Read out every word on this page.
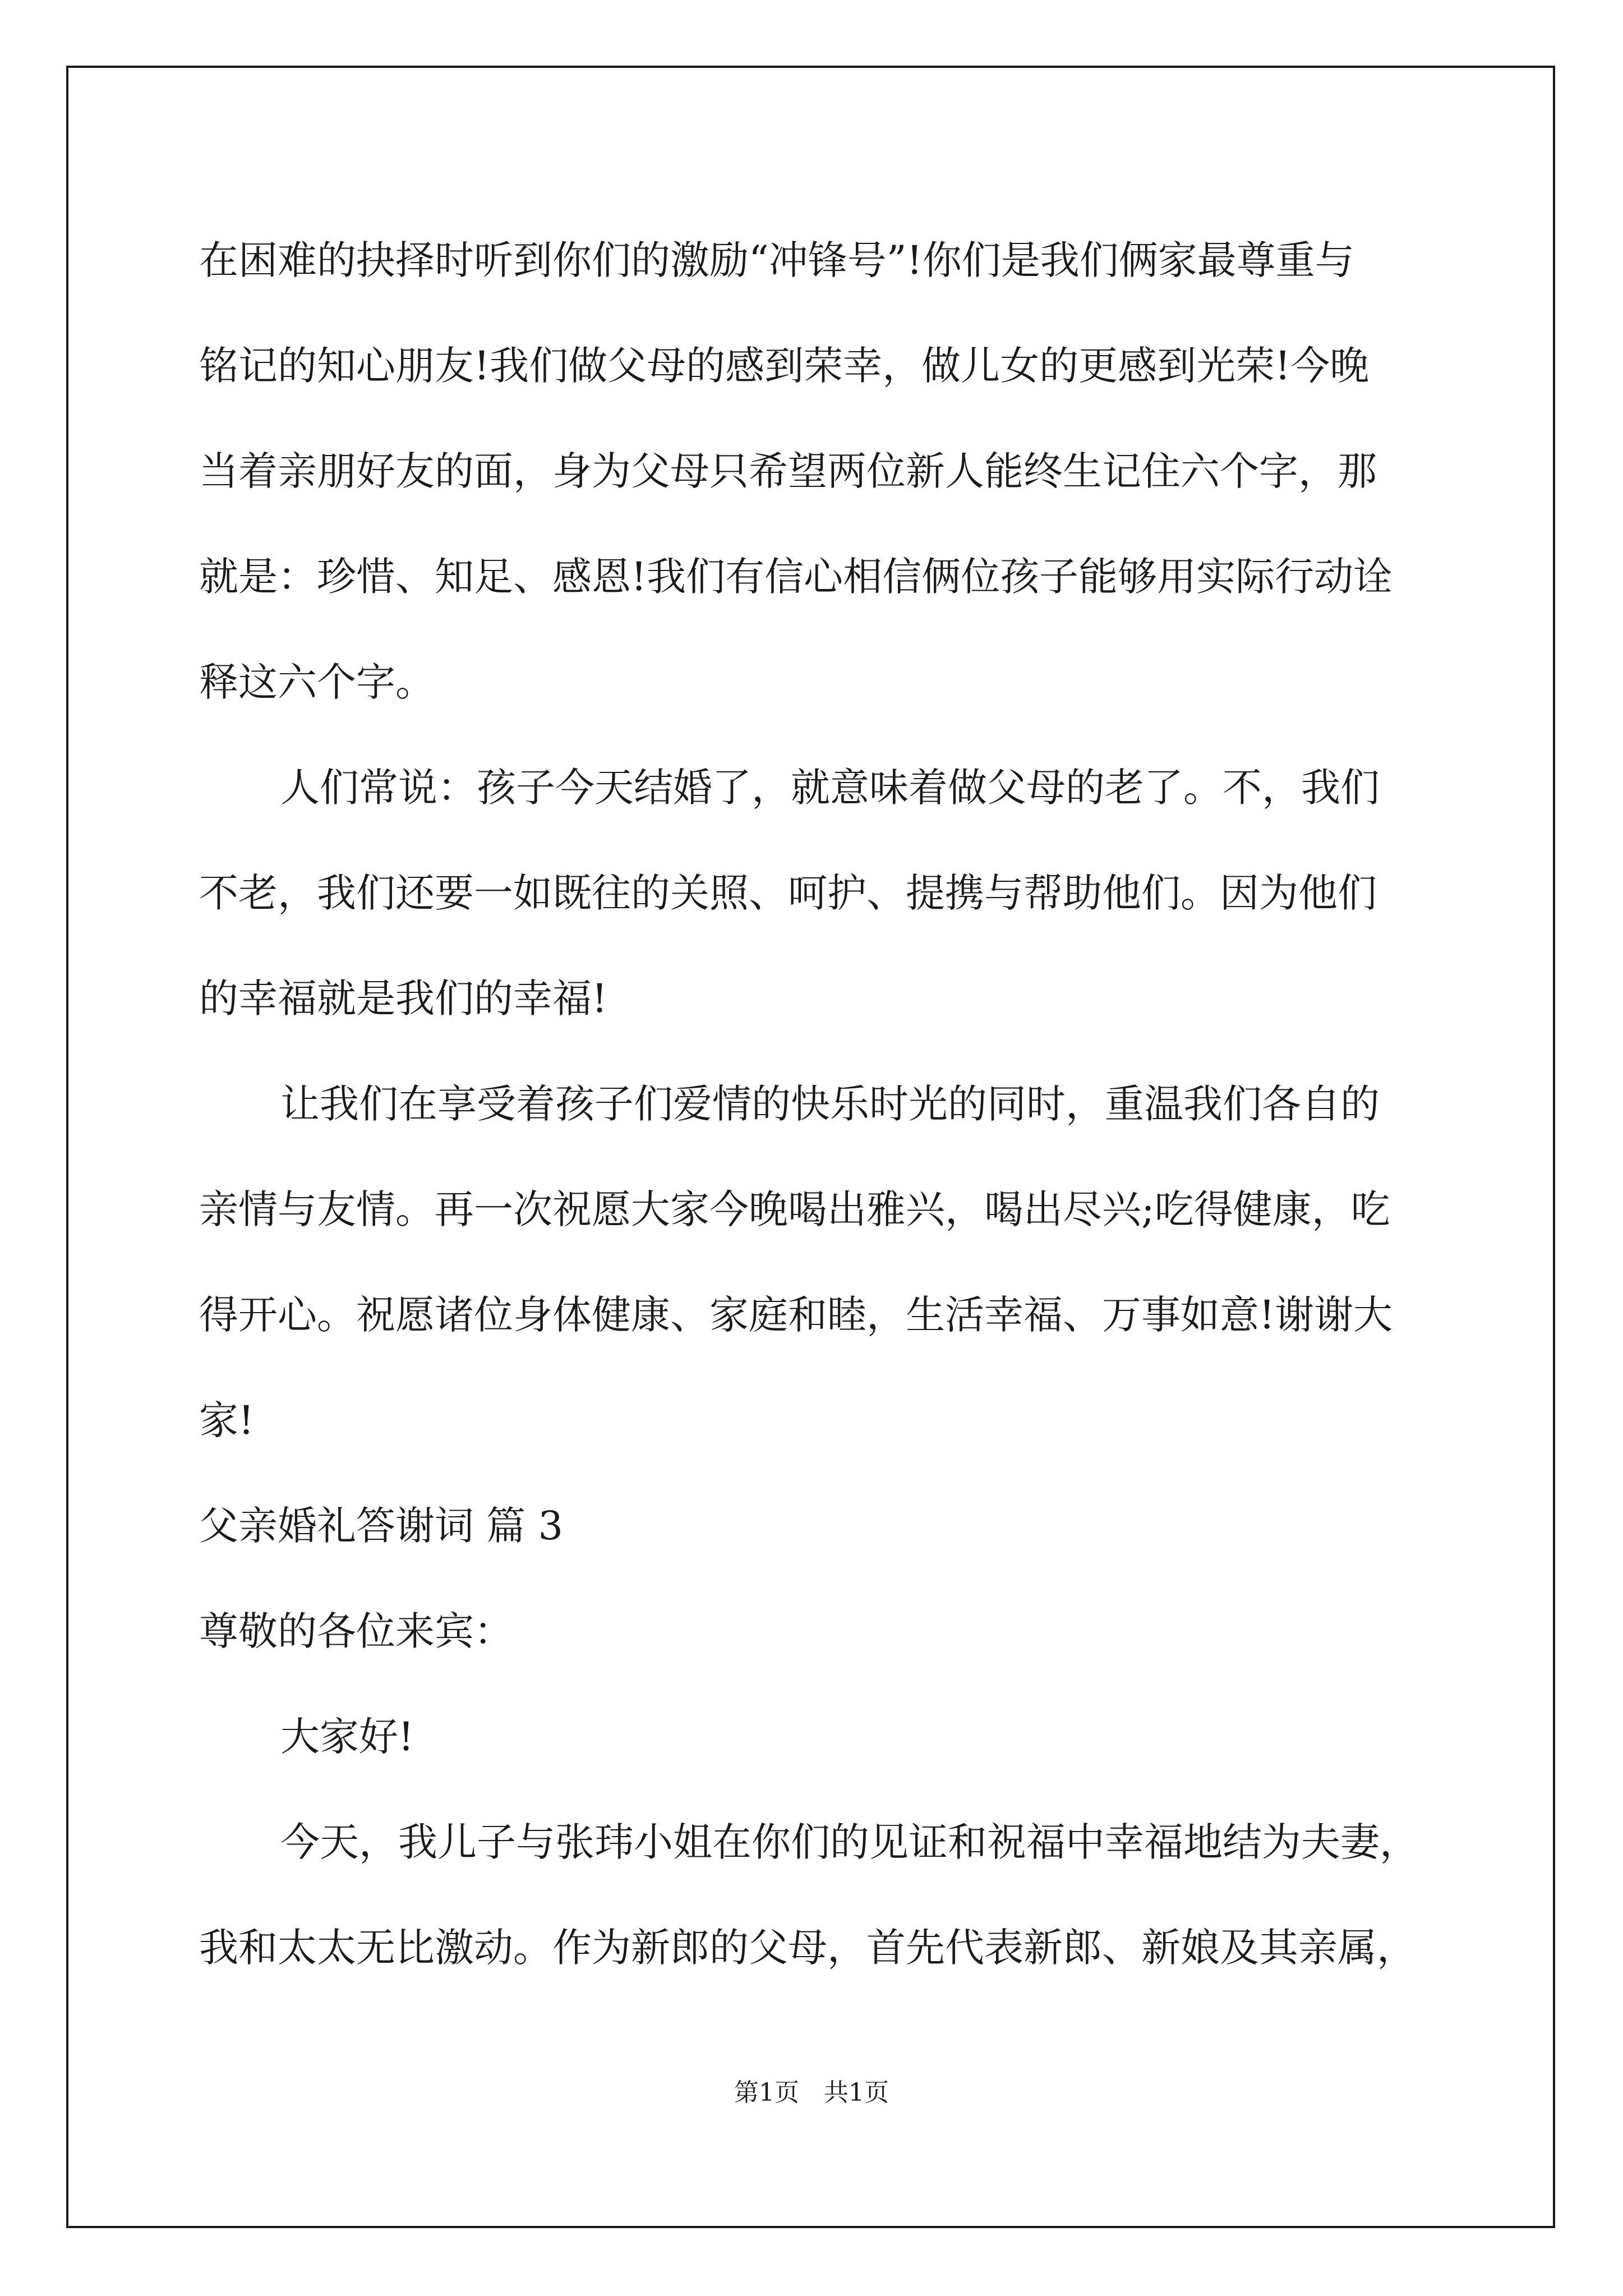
在困难的抉择时听到你们的激励“冲锋号”!你们是我们俩家最尊重与
铭记的知心朋友!我们做父母的感到荣幸，做儿女的更感到光荣!今晚
当着亲朋好友的面，身为父母只希望两位新人能终生记住六个字，那
就是：珍惜、知足、感恩!我们有信心相信俩位孩子能够用实际行动诠
释这六个字。
人们常说：孩子今天结婚了，就意味着做父母的老了。不，我们
不老，我们还要一如既往的关照、呵护、提携与帮助他们。因为他们
的幸福就是我们的幸福!
让我们在享受着孩子们爱情的快乐时光的同时，重温我们各自的
亲情与友情。再一次祝愿大家今晚喝出雅兴，喝出尽兴;吃得健康，吃
得开心。祝愿诸位身体健康、家庭和睦，生活幸福、万事如意!谢谢大
家!
父亲婚礼答谢词 篇 3
尊敬的各位来宾：
大家好!
今天，我儿子与张玮小姐在你们的见证和祝福中幸福地结为夫妻，
我和太太无比激动。作为新郎的父母，首先代表新郎、新娘及其亲属，
第1页　共1页
